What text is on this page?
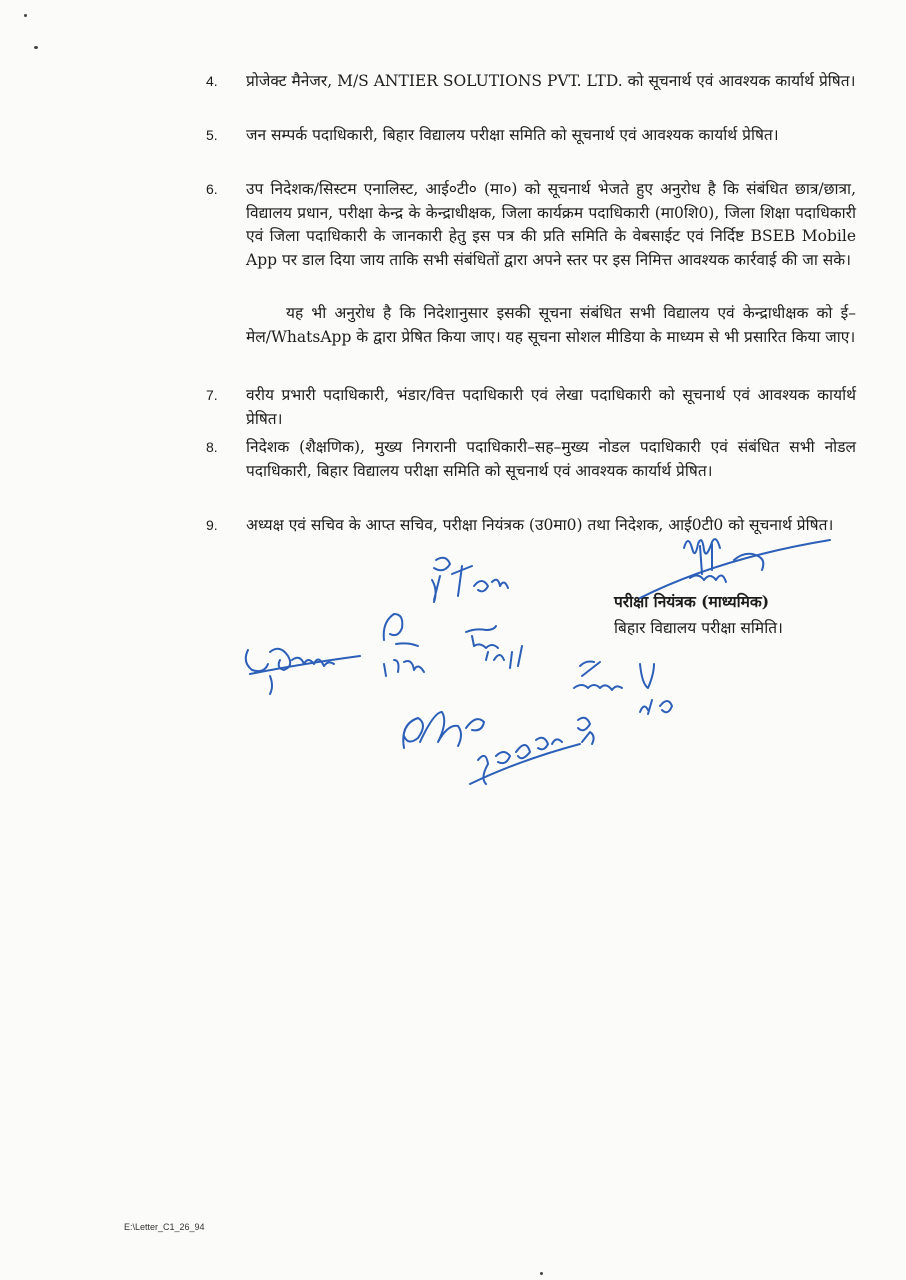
4.	प्रोजेक्ट मैनेजर, M/S ANTIER SOLUTIONS PVT. LTD. को सूचनार्थ एवं आवश्यक कार्यार्थ प्रेषित।
5.	जन सम्पर्क पदाधिकारी, बिहार विद्यालय परीक्षा समिति को सूचनार्थ एवं आवश्यक कार्यार्थ प्रेषित।
6.	उप निदेशक/सिस्टम एनालिस्ट, आई०टी० (मा०) को सूचनार्थ भेजते हुए अनुरोध है कि संबंधित छात्र/छात्रा, विद्यालय प्रधान, परीक्षा केन्द्र के केन्द्राधीक्षक, जिला कार्यक्रम पदाधिकारी (मा0शि0), जिला शिक्षा पदाधिकारी एवं जिला पदाधिकारी के जानकारी हेतु इस पत्र की प्रति समिति के वेबसाईट एवं निर्दिष्ट BSEB Mobile App पर डाल दिया जाय ताकि सभी संबंधितों द्वारा अपने स्तर पर इस निमित्त आवश्यक कार्रवाई की जा सके।
यह भी अनुरोध है कि निदेशानुसार इसकी सूचना संबंधित सभी विद्यालय एवं केन्द्राधीक्षक को ई–मेल/WhatsApp के द्वारा प्रेषित किया जाए। यह सूचना सोशल मीडिया के माध्यम से भी प्रसारित किया जाए।
7.	वरीय प्रभारी पदाधिकारी, भंडार/वित्त पदाधिकारी एवं लेखा पदाधिकारी को सूचनार्थ एवं आवश्यक कार्यार्थ प्रेषित।
8.	निदेशक (शैक्षणिक), मुख्य निगरानी पदाधिकारी–सह–मुख्य नोडल पदाधिकारी एवं संबंधित सभी नोडल पदाधिकारी, बिहार विद्यालय परीक्षा समिति को सूचनार्थ एवं आवश्यक कार्यार्थ प्रेषित।
9.	अध्यक्ष एवं सचिव के आप्त सचिव, परीक्षा नियंत्रक (उ0मा0) तथा निदेशक, आई0टी0 को सूचनार्थ प्रेषित।
परीक्षा नियंत्रक (माध्यमिक)
बिहार विद्यालय परीक्षा समिति।
E:\Letter_C1_26_94
